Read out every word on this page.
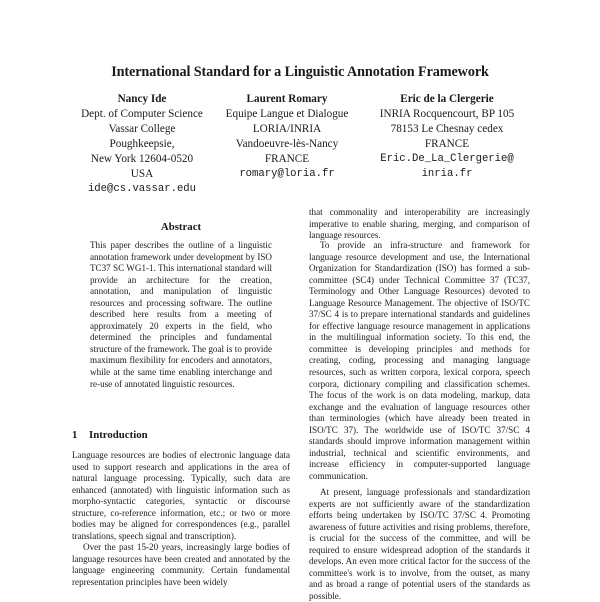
International Standard for a Linguistic Annotation Framework
Nancy Ide
Dept. of Computer Science
Vassar College
Poughkeepsie,
New York 12604-0520
USA
ide@cs.vassar.edu
Laurent Romary
Equipe Langue et Dialogue
LORIA/INRIA
Vandoeuvre-lès-Nancy
FRANCE
romary@loria.fr
Eric de la Clergerie
INRIA Rocquencourt, BP 105
78153 Le Chesnay cedex
FRANCE
Eric.De_La_Clergerie@
inria.fr
Abstract

This paper describes the outline of a linguistic annotation framework under development by ISO TC37 SC WG1-1. This international standard will provide an architecture for the creation, annotation, and manipulation of linguistic resources and processing software. The outline described here results from a meeting of approximately 20 experts in the field, who determined the principles and fundamental structure of the framework. The goal is to provide maximum flexibility for encoders and annotators, while at the same time enabling interchange and re-use of annotated linguistic resources.

1 Introduction

Language resources are bodies of electronic language data used to support research and applications in the area of natural language processing. Typically, such data are enhanced (annotated) with linguistic information such as morpho-syntactic categories, syntactic or discourse structure, co-reference information, etc.; or two or more bodies may be aligned for correspondences (e.g., parallel translations, speech signal and transcription).

Over the past 15-20 years, increasingly large bodies of language resources have been created and annotated by the language engineering community. Certain fundamental representation principles have been widely

that commonality and interoperability are increasingly imperative to enable sharing, merging, and comparison of language resources.

To provide an infra-structure and framework for language resource development and use, the International Organization for Standardization (ISO) has formed a sub-committee (SC4) under Technical Committee 37 (TC37, Terminology and Other Language Resources) devoted to Language Resource Management. The objective of ISO/TC 37/SC 4 is to prepare international standards and guidelines for effective language resource management in applications in the multilingual information society. To this end, the committee is developing principles and methods for creating, coding, processing and managing language resources, such as written corpora, lexical corpora, speech corpora, dictionary compiling and classification schemes. The focus of the work is on data modeling, markup, data exchange and the evaluation of language resources other than terminologies (which have already been treated in ISO/TC 37). The worldwide use of ISO/TC 37/SC 4 standards should improve information management within industrial, technical and scientific environments, and increase efficiency in computer-supported language communication.

At present, language professionals and standardization experts are not sufficiently aware of the standardization efforts being undertaken by ISO/TC 37/SC 4. Promoting awareness of future activities and rising problems, therefore, is crucial for the success of the committee, and will be required to ensure widespread adoption of the standards it develops. An even more critical factor for the success of the committee's work is to involve, from the outset, as many and as broad a range of potential users of the standards as possible.
